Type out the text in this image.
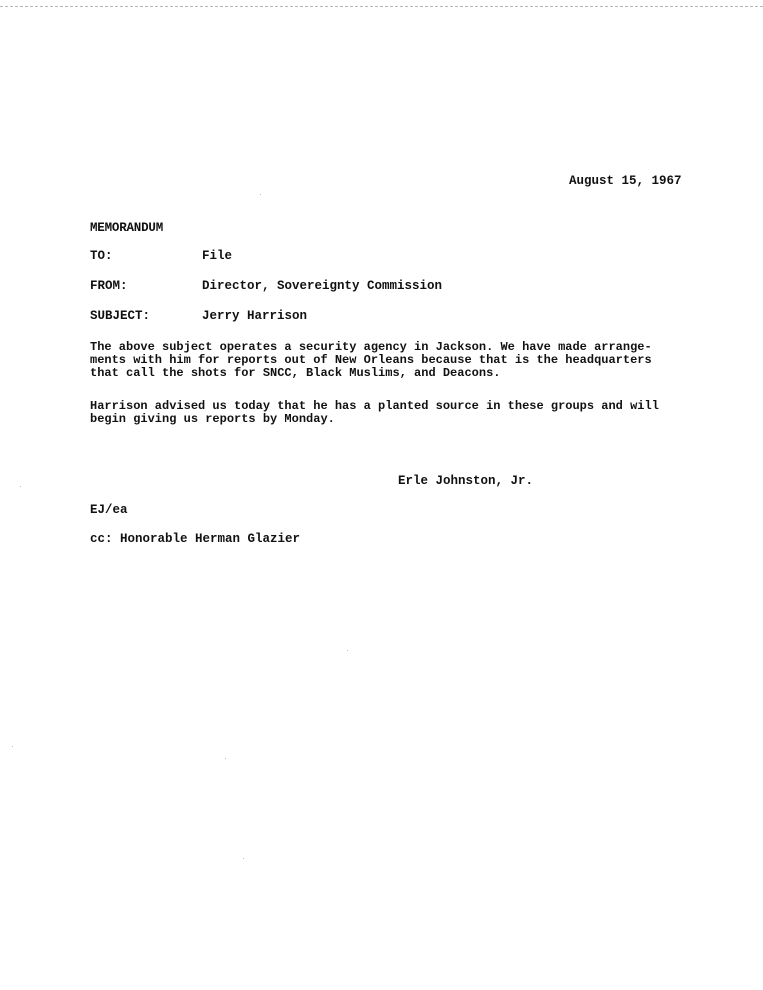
August 15, 1967
MEMORANDUM
TO:	File
FROM:	Director, Sovereignty Commission
SUBJECT:	Jerry Harrison
The above subject operates a security agency in Jackson. We have made arrange-
ments with him for reports out of New Orleans because that is the headquarters
that call the shots for SNCC, Black Muslims, and Deacons.
Harrison advised us today that he has a planted source in these groups and will
begin giving us reports by Monday.
Erle Johnston, Jr.
EJ/ea
cc: Honorable Herman Glazier
